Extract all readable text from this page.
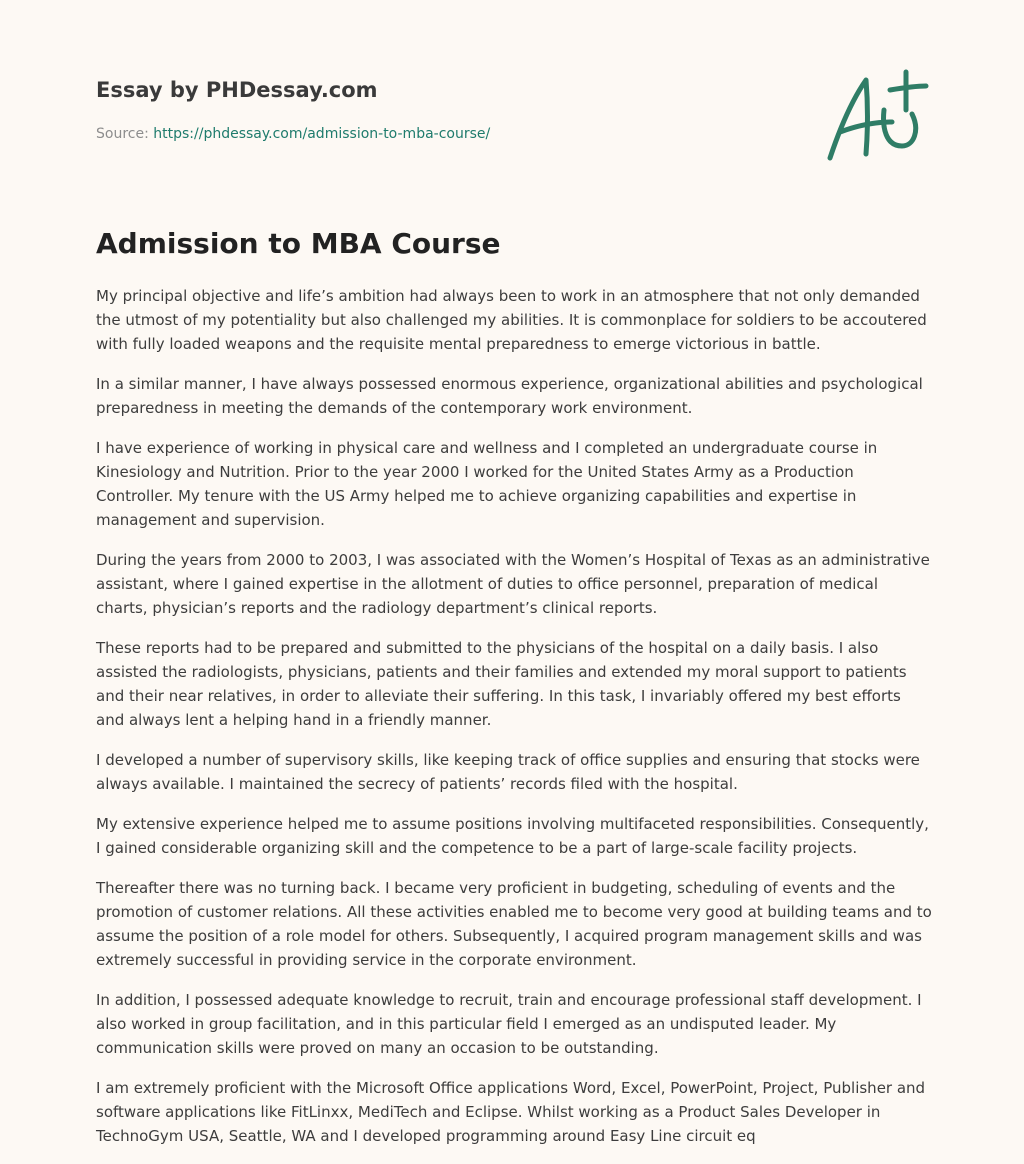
Essay by PHDessay.com
Source: https://phdessay.com/admission-to-mba-course/
Admission to MBA Course

My principal objective and life’s ambition had always been to work in an atmosphere that not only demanded the utmost of my potentiality but also challenged my abilities. It is commonplace for soldiers to be accoutered with fully loaded weapons and the requisite mental preparedness to emerge victorious in battle.

In a similar manner, I have always possessed enormous experience, organizational abilities and psychological preparedness in meeting the demands of the contemporary work environment.

I have experience of working in physical care and wellness and I completed an undergraduate course in Kinesiology and Nutrition. Prior to the year 2000 I worked for the United States Army as a Production Controller. My tenure with the US Army helped me to achieve organizing capabilities and expertise in management and supervision.

During the years from 2000 to 2003, I was associated with the Women’s Hospital of Texas as an administrative assistant, where I gained expertise in the allotment of duties to office personnel, preparation of medical charts, physician’s reports and the radiology department’s clinical reports.

These reports had to be prepared and submitted to the physicians of the hospital on a daily basis. I also assisted the radiologists, physicians, patients and their families and extended my moral support to patients and their near relatives, in order to alleviate their suffering. In this task, I invariably offered my best efforts and always lent a helping hand in a friendly manner.

I developed a number of supervisory skills, like keeping track of office supplies and ensuring that stocks were always available. I maintained the secrecy of patients’ records filed with the hospital.

My extensive experience helped me to assume positions involving multifaceted responsibilities. Consequently, I gained considerable organizing skill and the competence to be a part of large-scale facility projects.

Thereafter there was no turning back. I became very proficient in budgeting, scheduling of events and the promotion of customer relations. All these activities enabled me to become very good at building teams and to assume the position of a role model for others. Subsequently, I acquired program management skills and was extremely successful in providing service in the corporate environment.

In addition, I possessed adequate knowledge to recruit, train and encourage professional staff development. I also worked in group facilitation, and in this particular field I emerged as an undisputed leader. My communication skills were proved on many an occasion to be outstanding.

I am extremely proficient with the Microsoft Office applications Word, Excel, PowerPoint, Project, Publisher and software applications like FitLinxx, MediTech and Eclipse. Whilst working as a Product Sales Developer in TechnoGym USA, Seattle, WA and I developed programming around Easy Line circuit eq
